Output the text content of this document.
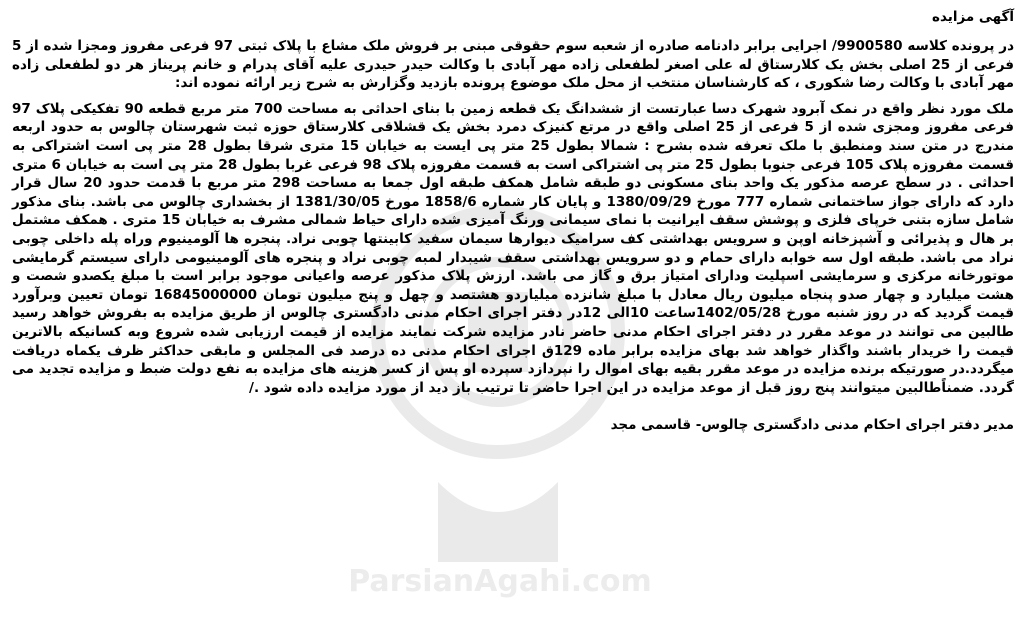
آگهی مزایده

در پرونده کلاسه 9900580/ اجرایی برابر دادنامه صادره از شعبه سوم حقوقی مبنی بر فروش ملک مشاع با پلاک ثبتی 97 فرعی مفروز ومجزا شده از 5 فرعی از 25 اصلی بخش یک کلارستاق له علی اصغر لطفعلی زاده مهر آبادی با وکالت حیدر حیدری علیه آقای پدرام و خانم پریناز هر دو لطفعلی زاده مهر آبادی با وکالت رضا شکوری ، که کارشناسان منتخب از محل ملک موضوع پرونده بازدید وگزارش به شرح زیر ارائه نموده اند:

ملک مورد نظر واقع در نمک آبرود شهرک دسا عبارتست از ششدانگ یک قطعه زمین با بنای احداثی به مساحت 700 متر مربع قطعه 90 تفکیکی پلاک 97 فرعی مفروز ومجزی شده از 5 فرعی از 25 اصلی واقع در مرتع کنیزک دمرد بخش یک قشلاقی کلارستاق حوزه ثبت شهرستان چالوس به حدود اربعه مندرج در متن سند ومنطبق با ملک تعرفه شده بشرح : شمالا بطول 25 متر پی ایست به خیابان 15 متری شرقا بطول 28 متر پی است اشتراکی به قسمت مفروزه پلاک 105 فرعی جنوبا بطول 25 متر پی اشتراکی است به قسمت مفروزه پلاک 98 فرعی غربا بطول 28 متر پی است به خیابان 6 متری احداثی . در سطح عرصه مذکور یک واحد بنای مسکونی دو طبقه شامل همکف طبقه اول جمعا به مساحت 298 متر مربع با قدمت حدود 20 سال قرار دارد که دارای جواز ساختمانی شماره 777 مورخ 1380/09/29 و پایان کار شماره 1858/6 مورخ 1381/30/05 از بخشداری چالوس می باشد. بنای مذکور شامل سازه بتنی خرپای فلزی و پوشش سقف ایرانیت با نمای سیمانی ورنگ آمیزی شده دارای حیاط شمالی مشرف به خیابان 15 متری . همکف مشتمل بر هال و پذیرائی و آشپزخانه اوپن و سرویس بهداشتی کف سرامیک دیوارها سیمان سفید کابینتها چوبی نراد. پنجره ها آلومینیوم وراه پله داخلی چوبی نراد می باشد. طبقه اول سه خوابه دارای حمام و دو سرویس بهداشتی سقف شیبدار لمبه چوبی نراد و پنجره های آلومینیومی دارای سیستم گرمایشی موتورخانه مرکزی و سرمایشی اسپلیت ودارای امتیاز برق و گاز می باشد. ارزش پلاک مذکور عرصه واعیانی موجود برابر است با مبلغ یکصدو شصت و هشت میلیارد و چهار صدو پنجاه میلیون ریال معادل با مبلغ شانزده میلیاردو هشتصد و چهل و پنج میلیون تومان 16845000000 تومان تعیین وبرآورد قیمت گردید که در روز شنبه مورخ 1402/05/28ساعت 10الی 12در دفتر اجرای احکام مدنی دادگستری چالوس از طریق مزایده به بفروش خواهد رسید طالبین می توانند در موعد مقرر در دفتر اجرای احکام مدنی حاضر نادر مزایده شرکت نمایند مزایده از قیمت ارزیابی شده شروع وبه کسانیکه بالاترین قیمت را خریدار باشند واگذار خواهد شد بهای مزایده برابر ماده 129ق اجرای احکام مدنی ده درصد فی المجلس و مابقی حداکثر ظرف یکماه دریافت میگردد.در صورتیکه برنده مزایده در موعد مقرر بقیه بهای اموال را نپردازد سپرده او پس از کسر هزینه های مزایده به نفع دولت ضبط و مزایده تجدید می گردد. ضمناًطالبین میتوانند پنج روز قبل از موعد مزایده در این اجرا حاضر تا ترتیب باز دید از مورد مزایده داده شود ./

مدیر دفتر اجرای احکام مدنی دادگستری چالوس- قاسمی مجد
ParsianAgahi.com
